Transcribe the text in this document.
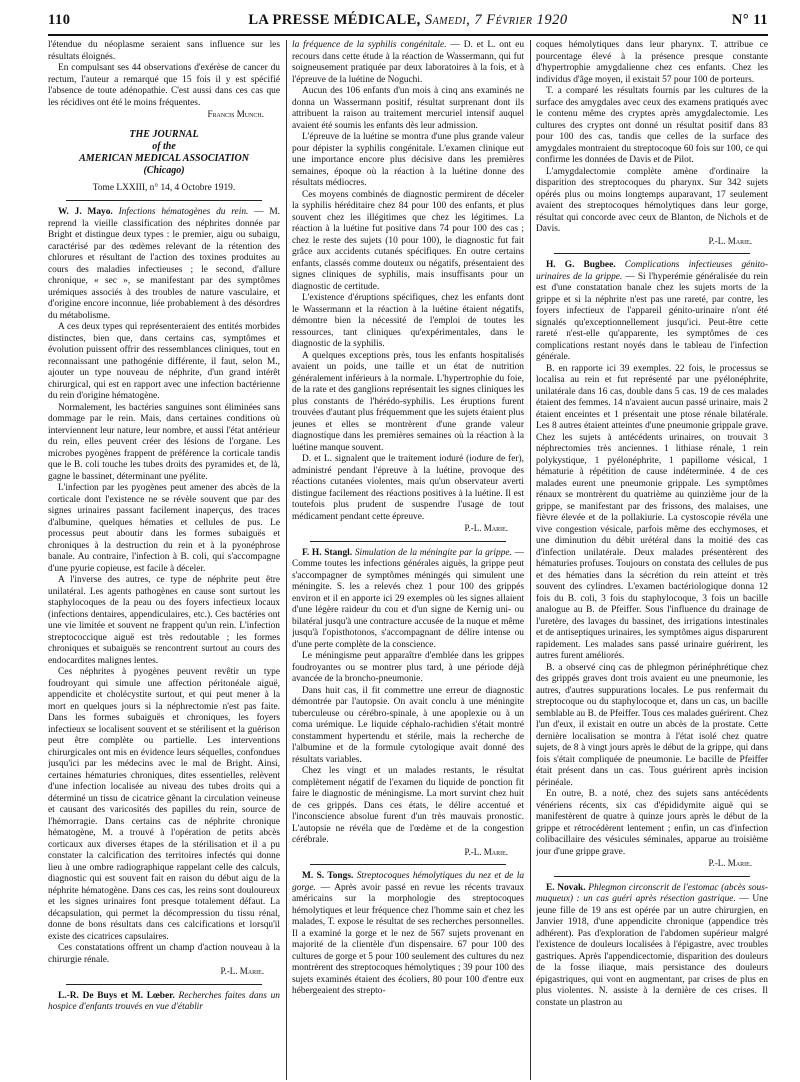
110	LA PRESSE MÉDICALE, Samedi, 7 Février 1920	N° 11

l'étendue du néoplasme seraient sans influence sur les résultats éloignés.

En compulsant ses 44 observations d'exérèse de cancer du rectum, l'auteur a remarqué que 15 fois il y est spécifié l'absence de toute adénopathie. C'est aussi dans ces cas que les récidives ont été le moins fréquentes.

Francis Munch.
THE JOURNAL
of the
AMERICAN MEDICAL ASSOCIATION
(Chicago)
Tome LXXIII, n° 14, 4 Octobre 1919.

W. J. Mayo. Infections hématogènes du rein. — M. reprend la vieille classification des néphrites donnée par Bright et distingue deux types : le premier, aigu ou subaigu, caractérisé par des œdèmes relevant de la rétention des chlorures et résultant de l'action des toxines produites au cours des maladies infectieuses ; le second, d'allure chronique, « sec », se manifestant par des symptômes urémiques associés à des troubles de nature vasculaire, et d'origine encore inconnue, liée probablement à des désordres du métabolisme.

A ces deux types qui représenteraient des entités morbides distinctes, bien que, dans certains cas, symptômes et évolution puissent offrir des ressemblances cliniques, tout en reconnaissant une pathogénie différente, il faut, selon M., ajouter un type nouveau de néphrite, d'un grand intérêt chirurgical, qui est en rapport avec une infection bactérienne du rein d'origine hématogène.

Normalement, les bactéries sanguines sont éliminées sans dommage par le rein. Mais, dans certaines conditions où interviennent leur nature, leur nombre, et aussi l'état antérieur du rein, elles peuvent créer des lésions de l'organe. Les microbes pyogènes frappent de préférence la corticale tandis que le B. coli touche les tubes droits des pyramides et, de là, gagne le bassinet, déterminant une pyélite.

L'infection par les pyogènes peut amener des abcès de la corticale dont l'existence ne se révèle souvent que par des signes urinaires passant facilement inaperçus, des traces d'albumine, quelques hématies et cellules de pus. Le processus peut aboutir dans les formes subaiguës et chroniques à la destruction du rein et à la pyonéphrose banale. Au contraire, l'infection à B. coli, qui s'accompagne d'une pyurie copieuse, est facile à déceler.

A l'inverse des autres, ce type de néphrite peut être unilatéral. Les agents pathogènes en cause sont surtout les staphylocoques de la peau ou des foyers infectieux locaux (infections dentaires, appendiculaires, etc.). Ces bactéries ont une vie limitée et souvent ne frappent qu'un rein. L'infection streptococcique aiguë est très redoutable ; les formes chroniques et subaiguës se rencontrent surtout au cours des endocardites malignes lentes.

Ces néphrites à pyogènes peuvent revêtir un type foudroyant qui simule une affection péritonéale aiguë, appendicite et cholécystite surtout, et qui peut mener à la mort en quelques jours si la néphrectomie n'est pas faite. Dans les formes subaiguës et chroniques, les foyers infectieux se localisent souvent et se stérilisent et la guérison peut être complète ou partielle. Les interventions chirurgicales ont mis en évidence leurs séquelles, confondues jusqu'ici par les médecins avec le mal de Bright. Ainsi, certaines hématuries chroniques, dites essentielles, relèvent d'une infection localisée au niveau des tubes droits qui a déterminé un tissu de cicatrice gênant la circulation veineuse et causant des varicosités des papilles du rein, source de l'hémorragie. Dans certains cas de néphrite chronique hématogène, M. a trouvé à l'opération de petits abcès corticaux aux diverses étapes de la stérilisation et il a pu constater la calcification des territoires infectés qui donne lieu à une ombre radiographique rappelant celle des calculs, diagnostic qui est souvent fait en raison du début aigu de la néphrite hématogène. Dans ces cas, les reins sont douloureux et les signes urinaires font presque totalement défaut. La décapsulation, qui permet la décompression du tissu rénal, donne de bons résultats dans ces calcifications et lorsqu'il existe des cicatrices capsulaires.

Ces constatations offrent un champ d'action nouveau à la chirurgie rénale.

P.-L. Marie.

L.-R. De Buys et M. Lœber. Recherches faites dans un hospice d'enfants trouvés en vue d'établir

la fréquence de la syphilis congénitale. — D. et L. ont eu recours dans cette étude à la réaction de Wassermann, qui fut soigneusement pratiquée par deux laboratoires à la fois, et à l'épreuve de la luétine de Noguchi.

Aucun des 106 enfants d'un mois à cinq ans examinés ne donna un Wassermann positif, résultat surprenant dont ils attribuent la raison au traitement mercuriel intensif auquel avaient été soumis les enfants dès leur admission.

L'épreuve de la luétine se montra d'une plus grande valeur pour dépister la syphilis congénitale. L'examen clinique eut une importance encore plus décisive dans les premières semaines, époque où la réaction à la luétine donne des résultats médiocres.

Ces moyens combinés de diagnostic permirent de déceler la syphilis héréditaire chez 84 pour 100 des enfants, et plus souvent chez les illégitimes que chez les légitimes. La réaction à la luétine fut positive dans 74 pour 100 des cas ; chez le reste des sujets (10 pour 100), le diagnostic fut fait grâce aux accidents cutanés spécifiques. En outre certains enfants, classés comme douteux ou négatifs, présentaient des signes cliniques de syphilis, mais insuffisants pour un diagnostic de certitude.

L'existence d'éruptions spécifiques, chez les enfants dont le Wassermann et la réaction à la luétine étaient négatifs, démontre bien la nécessité de l'emploi de toutes les ressources, tant cliniques qu'expérimentales, dans le diagnostic de la syphilis.

A quelques exceptions près, tous les enfants hospitalisés avaient un poids, une taille et un état de nutrition généralement inférieurs à la normale. L'hypertrophie du foie, de la rate et des ganglions représentait les signes cliniques les plus constants de l'hérédo-syphilis. Les éruptions furent trouvées d'autant plus fréquemment que les sujets étaient plus jeunes et elles se montrèrent d'une grande valeur diagnostique dans les premières semaines où la réaction à la luétine manque souvent.

D. et L. signalent que le traitement ioduré (iodure de fer), administré pendant l'épreuve à la luétine, provoque des réactions cutanées violentes, mais qu'un observateur averti distingue facilement des réactions positives à la luétine. Il est toutefois plus prudent de suspendre l'usage de tout médicament pendant cette épreuve.

P.-L. Marie.

F. H. Stangl. Simulation de la méningite par la grippe. — Comme toutes les infections générales aiguës, la grippe peut s'accompagner de symptômes méningés qui simulent une méningite. S. les a relevés chez 1 pour 100 des grippés environ et il en apporte ici 29 exemples où les signes allaient d'une légère raideur du cou et d'un signe de Kernig uni- ou bilatéral jusqu'à une contracture accusée de la nuque et même jusqu'à l'opisthotonos, s'accompagnant de délire intense ou d'une perte complète de la conscience.

Le méningisme peut apparaître d'emblée dans les grippes foudroyantes ou se montrer plus tard, à une période déjà avancée de la broncho-pneumonie.

Dans huit cas, il fit commettre une erreur de diagnostic démontrée par l'autopsie. On avait conclu à une méningite tuberculeuse ou cérébro-spinale, à une apoplexie ou à un coma urémique. Le liquide céphalo-rachidien s'était montré constamment hypertendu et stérile, mais la recherche de l'albumine et de la formule cytologique avait donné des résultats variables.

Chez les vingt et un malades restants, le résultat complètement négatif de l'examen du liquide de ponction fit faire le diagnostic de méningisme. La mort survint chez huit de ces grippés. Dans ces états, le délire accentué et l'inconscience absolue furent d'un très mauvais pronostic. L'autopsie ne révéla que de l'œdème et de la congestion cérébrale.

P.-L. Marie.

M. S. Tongs. Streptocoques hémolytiques du nez et de la gorge. — Après avoir passé en revue les récents travaux américains sur la morphologie des streptocoques hémolytiques et leur fréquence chez l'homme sain et chez les malades, T. expose le résultat de ses recherches personnelles. Il a examiné la gorge et le nez de 567 sujets provenant en majorité de la clientèle d'un dispensaire. 67 pour 100 des cultures de gorge et 5 pour 100 seulement des cultures du nez montrèrent des streptocoques hémolytiques ; 39 pour 100 des sujets examinés étaient des écoliers, 80 pour 100 d'entre eux hébergeaient des strepto-

coques hémolytiques dans leur pharynx. T. attribue ce pourcentage élevé à la présence presque constante d'hypertrophie amygdalienne chez ces enfants. Chez les individus d'âge moyen, il existait 57 pour 100 de porteurs.

T. a comparé les résultats fournis par les cultures de la surface des amygdales avec ceux des examens pratiqués avec le contenu même des cryptes après amygdalectomie. Les cultures des cryptes ont donné un résultat positif dans 83 pour 100 des cas, tandis que celles de la surface des amygdales montraient du streptocoque 60 fois sur 100, ce qui confirme les données de Davis et de Pilot.

L'amygdalectomie complète amène d'ordinaire la disparition des streptocoques du pharynx. Sur 342 sujets opérés plus ou moins longtemps auparavant, 17 seulement avaient des streptocoques hémolytiques dans leur gorge, résultat qui concorde avec ceux de Blanton, de Nichols et de Davis.

P.-L. Marie.

H. G. Bugbee. Complications infectieuses génito-urinaires de la grippe. — Si l'hyperémie généralisée du rein est d'une constatation banale chez les sujets morts de la grippe et si la néphrite n'est pas une rareté, par contre, les foyers infectieux de l'appareil génito-urinaire n'ont été signalés qu'exceptionnellement jusqu'ici. Peut-être cette rareté n'est-elle qu'apparente, les symptômes de ces complications restant noyés dans le tableau de l'infection générale.

B. en rapporte ici 39 exemples. 22 fois, le processus se localisa au rein et fut représenté par une pyélonéphrite, unilatérale dans 16 cas, double dans 5 cas. 19 de ces malades étaient des femmes. 14 n'avaient aucun passé urinaire, mais 2 étaient enceintes et 1 présentait une ptose rénale bilatérale. Les 8 autres étaient atteintes d'une pneumonie grippale grave. Chez les sujets à antécédents urinaires, on trouvait 3 néphrectomies très anciennes. 1 lithiase rénale, 1 rein polykystique, 1 pyélonéphrite, 1 papillome vésical, 1 hématurie à répétition de cause indéterminée. 4 de ces malades eurent une pneumonie grippale. Les symptômes rénaux se montrèrent du quatrième au quinzième jour de la grippe, se manifestant par des frissons, des malaises, une fièvre élevée et de la pollakiurie. La cystoscopie révéla une vive congestion vésicale, parfois même des ecchymoses, et une diminution du débit urétéral dans la moitié des cas d'infection unilatérale. Deux malades présentèrent des hématuries profuses. Toujours on constata des cellules de pus et des hématies dans la sécrétion du rein atteint et très souvent des cylindres. L'examen bactériologique donna 12 fois du B. coli, 3 fois du staphylocoque, 3 fois un bacille analogue au B. de Pfeiffer. Sous l'influence du drainage de l'uretère, des lavages du bassinet, des irrigations intestinales et de antiseptiques urinaires, les symptômes aigus disparurent rapidement. Les malades sans passé urinaire guérirent, les autres furent améliorés.

B. a observé cinq cas de phlegmon périnéphrétique chez des grippés graves dont trois avaient eu une pneumonie, les autres, d'autres suppurations locales. Le pus renfermait du streptocoque ou du staphylocoque et, dans un cas, un bacille semblable au B. de Pfeiffer. Tous ces malades guérirent. Chez l'un d'eux, il existait en outre un abcès de la prostate. Cette dernière localisation se montra à l'état isolé chez quatre sujets, de 8 à vingt jours après le début de la grippe, qui dans fois s'était compliquée de pneumonie. Le bacille de Pfeiffer était présent dans un cas. Tous guérirent après incision périnéale.

En outre, B. a noté, chez des sujets sans antécédents vénériens récents, six cas d'épididymite aiguë qui se manifestèrent de quatre à quinze jours après le début de la grippe et rétrocédèrent lentement ; enfin, un cas d'infection colibacillaire des vésicules séminales, apparue au troisième jour d'une grippe grave.

P.-L. Marie.

E. Novak. Phlegmon circonscrit de l'estomac (abcès sous-muqueux) : un cas guéri après résection gastrique. — Une jeune fille de 19 ans est opérée par un autre chirurgien, en Janvier 1918, d'une appendicite chronique (appendice très adhérent). Pas d'exploration de l'abdomen supérieur malgré l'existence de douleurs localisées à l'épigastre, avec troubles gastriques. Après l'appendicectomie, disparition des douleurs de la fosse iliaque, mais persistance des douleurs épigastriques, qui vont en augmentant, par crises de plus en plus violentes. N. assiste à la dernière de ces crises. Il constate un plastron au
